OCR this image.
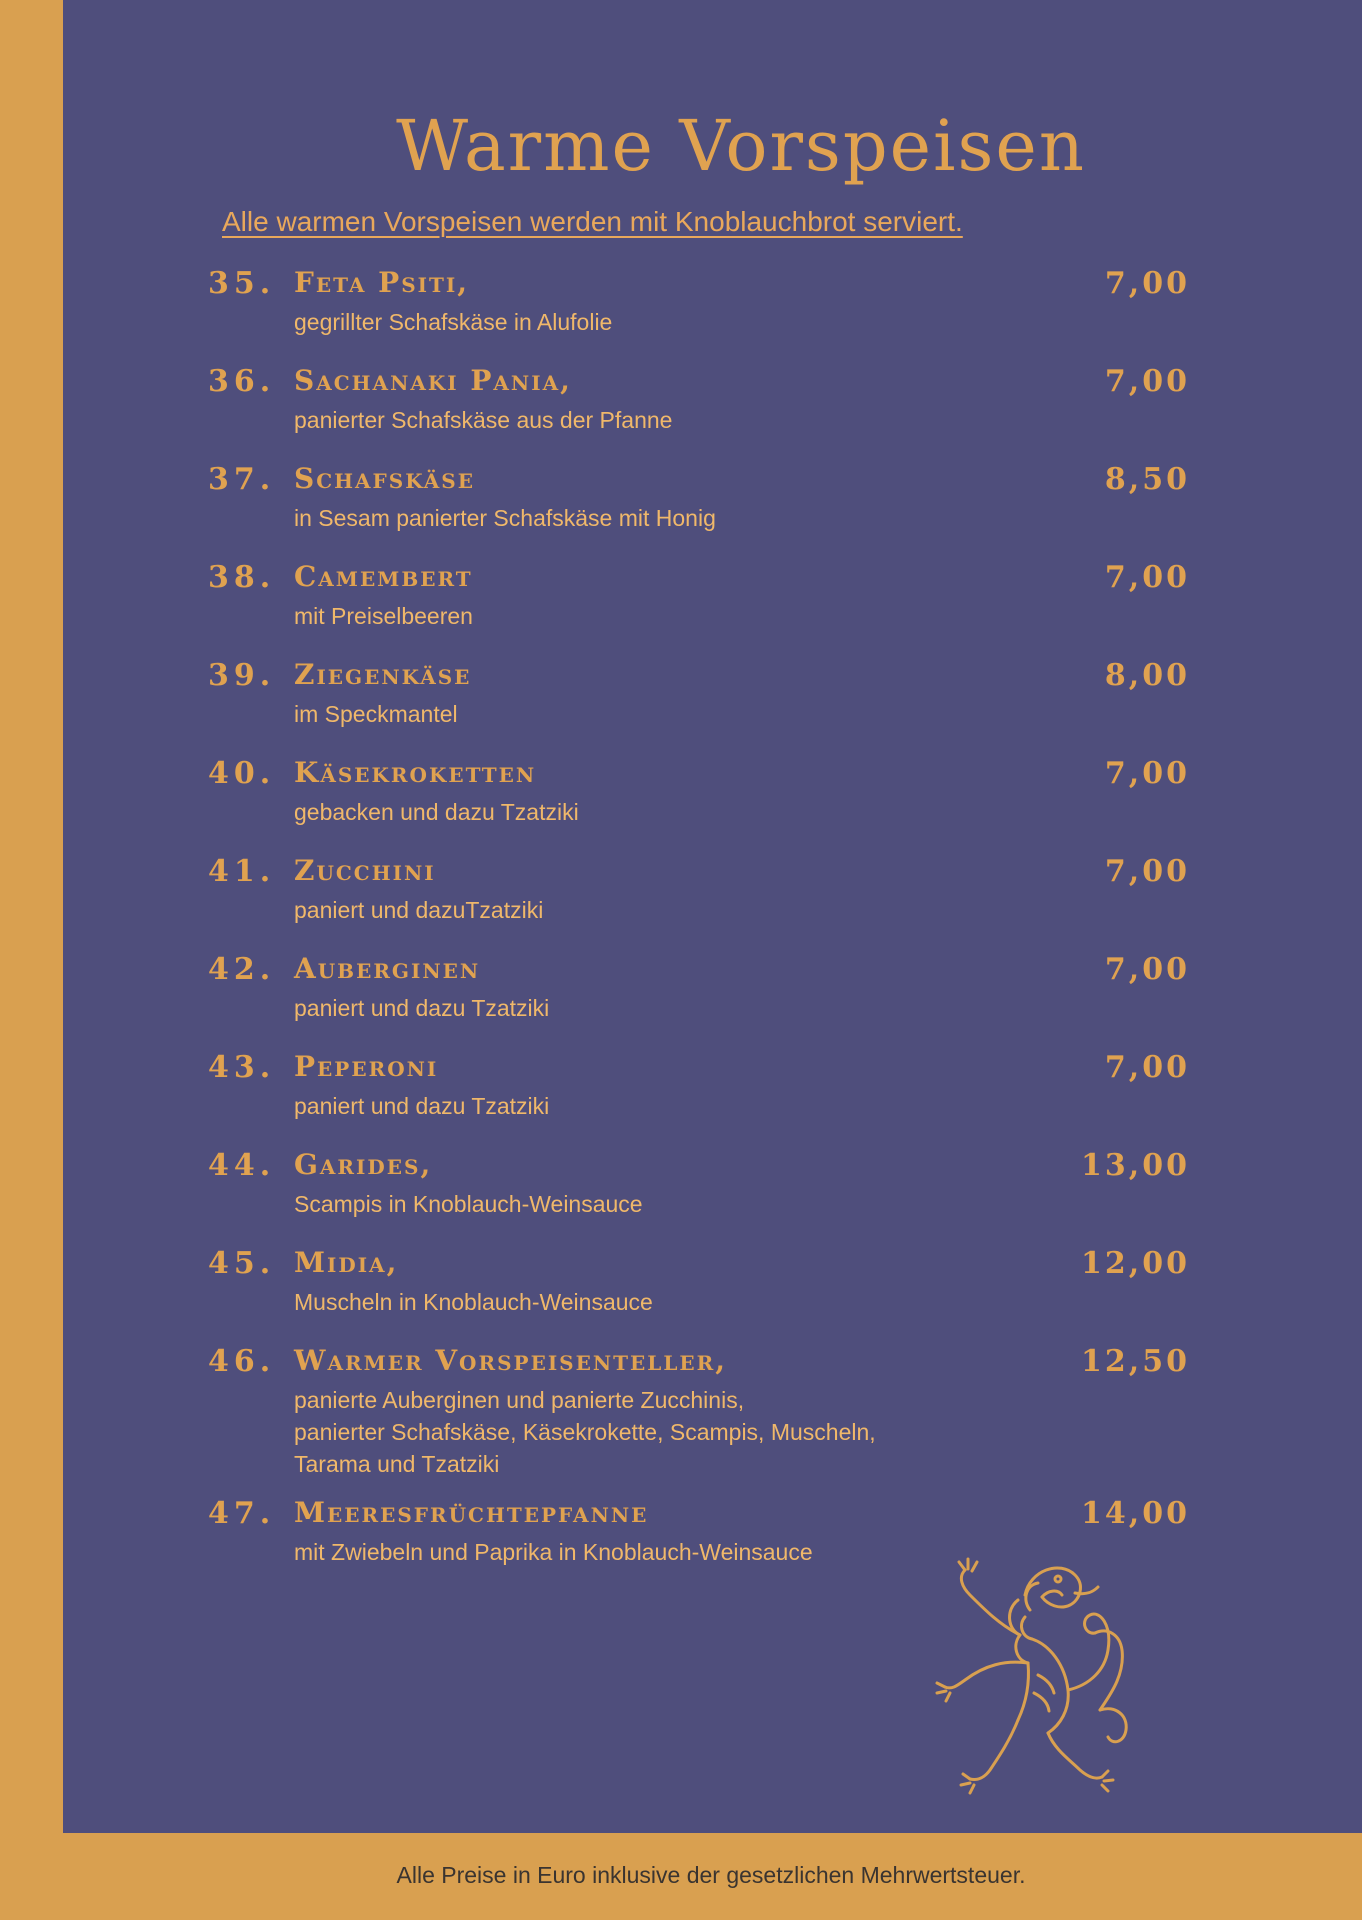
Warme Vorspeisen
Alle warmen Vorspeisen werden mit Knoblauchbrot serviert.
35. Feta Psiti,
gegrillter Schafskäse in Alufolie
7,00
36. Sachanaki Pania,
panierter Schafskäse aus der Pfanne
7,00
37. Schafskäse
in Sesam panierter Schafskäse mit Honig
8,50
38. Camembert
mit Preiselbeeren
7,00
39. Ziegenkäse
im Speckmantel
8,00
40. Käsekroketten
gebacken und dazu Tzatziki
7,00
41. Zucchini
paniert und dazuTzatziki
7,00
42. Auberginen
paniert und dazu Tzatziki
7,00
43. Peperoni
paniert und dazu Tzatziki
7,00
44. Garides,
Scampis in Knoblauch-Weinsauce
13,00
45. Midia,
Muscheln in Knoblauch-Weinsauce
12,00
46. Warmer Vorspeisenteller,
panierte Auberginen und panierte Zucchinis,
panierter Schafskäse, Käsekrokette, Scampis, Muscheln,
Tarama und Tzatziki
12,50
47. Meeresfrüchtepfanne
mit Zwiebeln und Paprika in Knoblauch-Weinsauce
14,00
Alle Preise in Euro inklusive der gesetzlichen Mehrwertsteuer.
